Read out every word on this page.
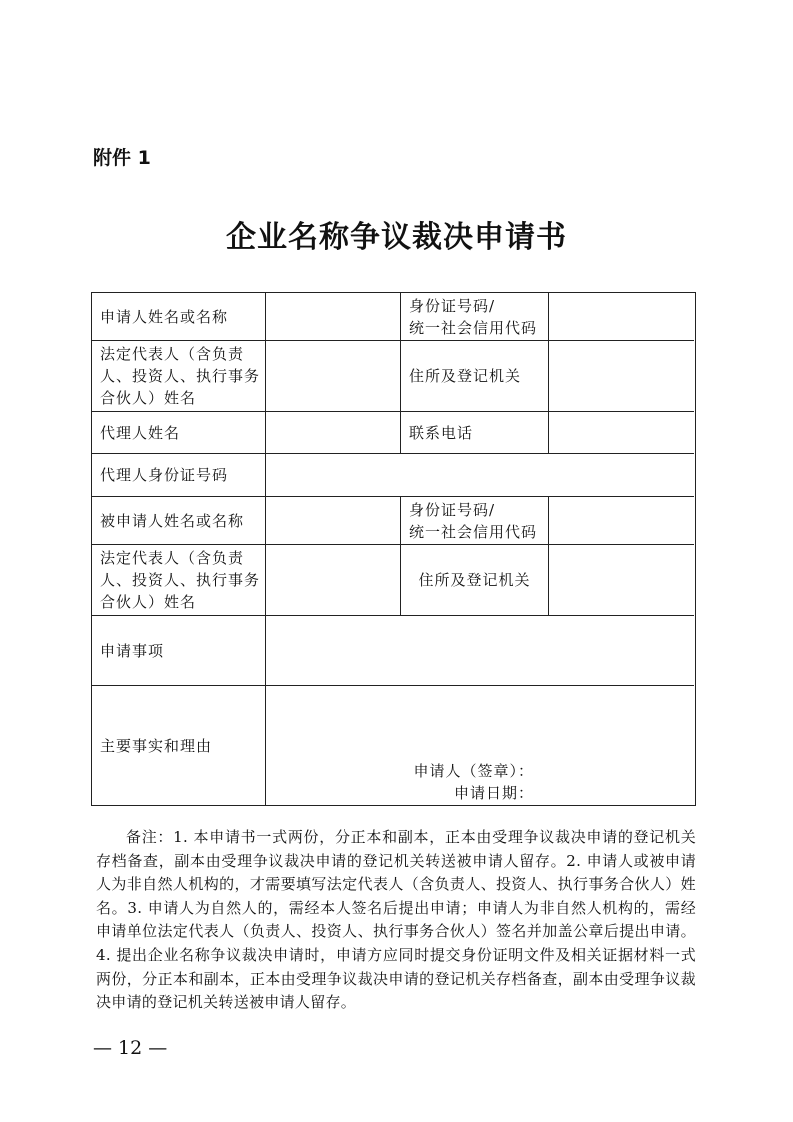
附件 1
企业名称争议裁决申请书
申请人姓名或名称
身份证号码/
统一社会信用代码
法定代表人（含负责
人、投资人、执行事务
合伙人）姓名
住所及登记机关
代理人姓名	联系电话
代理人身份证号码
被申请人姓名或名称
身份证号码/
统一社会信用代码
法定代表人（含负责
人、投资人、执行事务
合伙人）姓名
住所及登记机关
申请事项
主要事实和理由
申请人（签章）：
申请日期：
备注：1. 本申请书一式两份，分正本和副本，正本由受理争议裁决申请的登记机关存档备查，副本由受理争议裁决申请的登记机关转送被申请人留存。2. 申请人或被申请人为非自然人机构的，才需要填写法定代表人（含负责人、投资人、执行事务合伙人）姓名。3. 申请人为自然人的，需经本人签名后提出申请；申请人为非自然人机构的，需经申请单位法定代表人（负责人、投资人、执行事务合伙人）签名并加盖公章后提出申请。4. 提出企业名称争议裁决申请时，申请方应同时提交身份证明文件及相关证据材料一式两份，分正本和副本，正本由受理争议裁决申请的登记机关存档备查，副本由受理争议裁决申请的登记机关转送被申请人留存。
— 12 —
